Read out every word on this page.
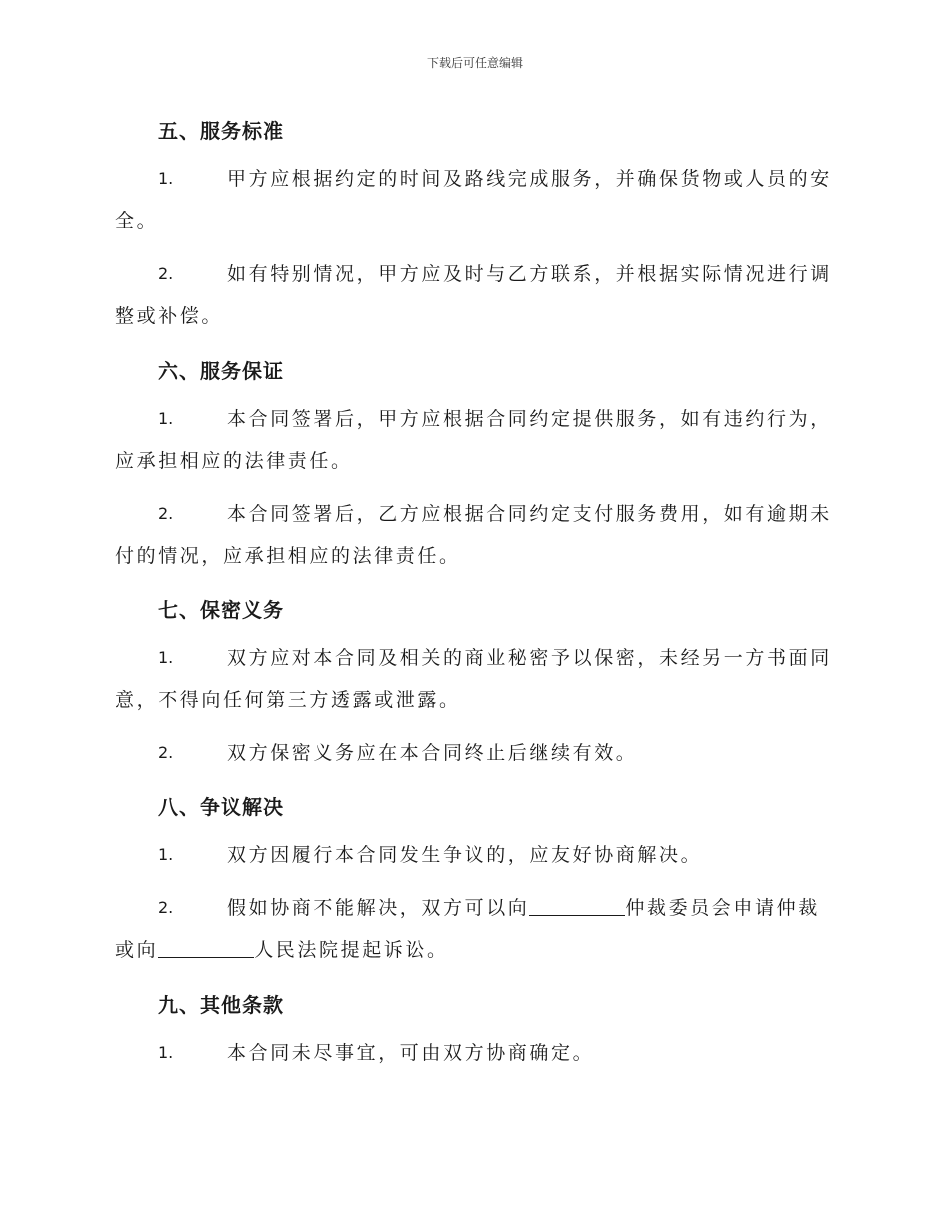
下载后可任意编辑
五、服务标准
1.	甲方应根据约定的时间及路线完成服务，并确保货物或人员的安
全。
2.	如有特别情况，甲方应及时与乙方联系，并根据实际情况进行调
整或补偿。
六、服务保证
1.	本合同签署后，甲方应根据合同约定提供服务，如有违约行为，
应承担相应的法律责任。
2.	本合同签署后，乙方应根据合同约定支付服务费用，如有逾期未
付的情况，应承担相应的法律责任。
七、保密义务
1.	双方应对本合同及相关的商业秘密予以保密，未经另一方书面同
意，不得向任何第三方透露或泄露。
2.	双方保密义务应在本合同终止后继续有效。
八、争议解决
1.	双方因履行本合同发生争议的，应友好协商解决。
2.	假如协商不能解决，双方可以向	仲裁委员会申请仲裁
或向	人民法院提起诉讼。
九、其他条款
1.	本合同未尽事宜，可由双方协商确定。
